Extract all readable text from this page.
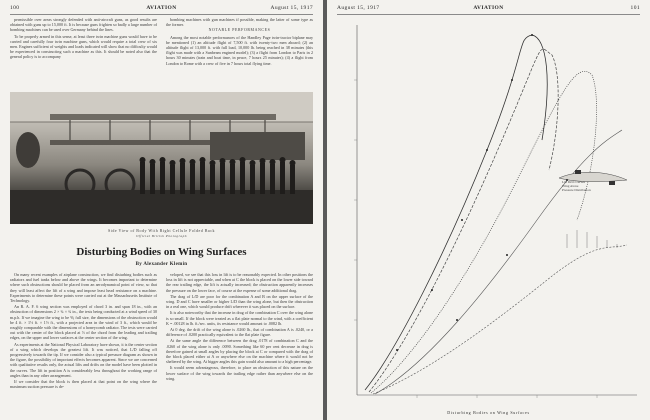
100	AVIATION	August 15, 1917

permissible over areas strongly defended with anti-aircraft guns, as good results are obtained with guns up to 15,000 ft. It is because guns frighten so badly a large number of bombing machines can be used over Germany behind the lines.

To be properly armed in this sense, at least three twin machine guns would have to be carried and carefully four twin machine guns, which would require a total crew of six men. Engines sufficient of weights and loads indicated will show that no difficulty would be experienced in constructing such a machine as this. It should be noted also that the general policy is to accompany

bombing machines with gun machines if possible, making the latter of some type as the former.

NOTABLE PERFORMANCES

Among the most notable performances of the Handley Page twin-tractor biplane may be mentioned (1) an altitude flight of 7,500 ft. with twenty-two men aboard; (2) an altitude flight of 13,000 ft. with full load, 10,000 lb. being reached in 38 minutes (this flight was made with a Sunbeam engined model); (3) a flight from London to Paris in 2 hours 30 minutes (train and boat time, in peace, 7 hours 25 minutes); (4) a flight from London to Rome with a crew of five in 7 hours total flying time.

Side View of Body With Right Cellule Folded Back
Official British Photograph
Disturbing Bodies on Wing Surfaces
By Alexander Klemin

On many recent examples of airplane construction, we find disturbing bodies such as radiators and fuel tanks below and above the wings. It becomes important to determine where such obstructions should be placed from an aerodynamical point of view, so that they will least affect the lift of a wing and impose least head resistance on a machine. Experiments to determine these points were carried out at the Massachusetts Institute of Technology.

An R. A. F. 6 wing section was employed of chord 3 in. and span 18 in., with an obstruction of dimensions 2 × ¾ × ¾ in., the tests being conducted at a wind speed of 30 m.p.h. If we imagine the wing to be ⅙ full size, the dimensions of the obstruction would be 4 ft. × 1½ ft. × 1½ ft., with a projected area in the wind of 3 ft., which would be roughly comparable with the dimensions of a honeycomb radiator. The tests were carried out with the center of the block placed at ⅓ of the chord from the leading and trailing edges, on the upper and lower surfaces at the center section of the wing.

As experiments at the National Physical Laboratory have shown, it is the center section of a wing which develops the greatest lift. It was noticed, that L/D falling off progressively towards the tip. If we consider also a typical pressure diagram as shown in the figure, the possibility of important effects becomes apparent. Since we are concerned with qualitative results only, the actual lifts and drifts on the model have been plotted in the curves. The lift in position A is considerably less throughout the working range of angles than in any other arrangement.

If we consider that the block is then placed at that point on the wing where the maximum suction pressure is de-

veloped, we see that this loss in lift is to be reasonably expected. In other positions the loss in lift is not appreciable, and when at C the block is placed on the lower side toward the rear trailing edge, the lift is actually increased; the obstruction apparently increases the pressure on the lower face, of course at the expense of some additional drag.

The drag of L/D are poor for the combination A and B on the upper surface of the wing. D and C have smaller or higher L/D than the wing alone, but then the obstruction in a real one, which would produce drift wherever it was placed on the surface.

It is also noteworthy that the increase in drag of the combination C over the wing alone is so small. If the block were treated as a flat plate normal to the wind, with a coefficient K = .00128 in lb. ft./sec. units, its resistance would amount to .0082 lb.

At 0 deg. the drift of the wing alone is .0260 lb., that of combination A is .0240, or a difference of .0200 practically equivalent to the flat plate figure.

At the same angle the difference between the drag .0178 of combination C and the .0260 of the wing alone is only .0090. Something like 60 per cent decrease in drag is therefore gained at small angles by placing the block at C or compared with the drag of the block placed either at A or anywhere else on the machine where it would not be sheltered by the wing. At bigger angles this gain would also amount to a high percentage.

It would seem advantageous, therefore, to place an obstruction of this nature on the lower surface of the wing towards the trailing edge rather than anywhere else on the wing.

August 15, 1917	AVIATION	101
Lift Drift Curves
Wing Alone
Pressure Distribution
Disturbing Bodies on Wing Surfaces
